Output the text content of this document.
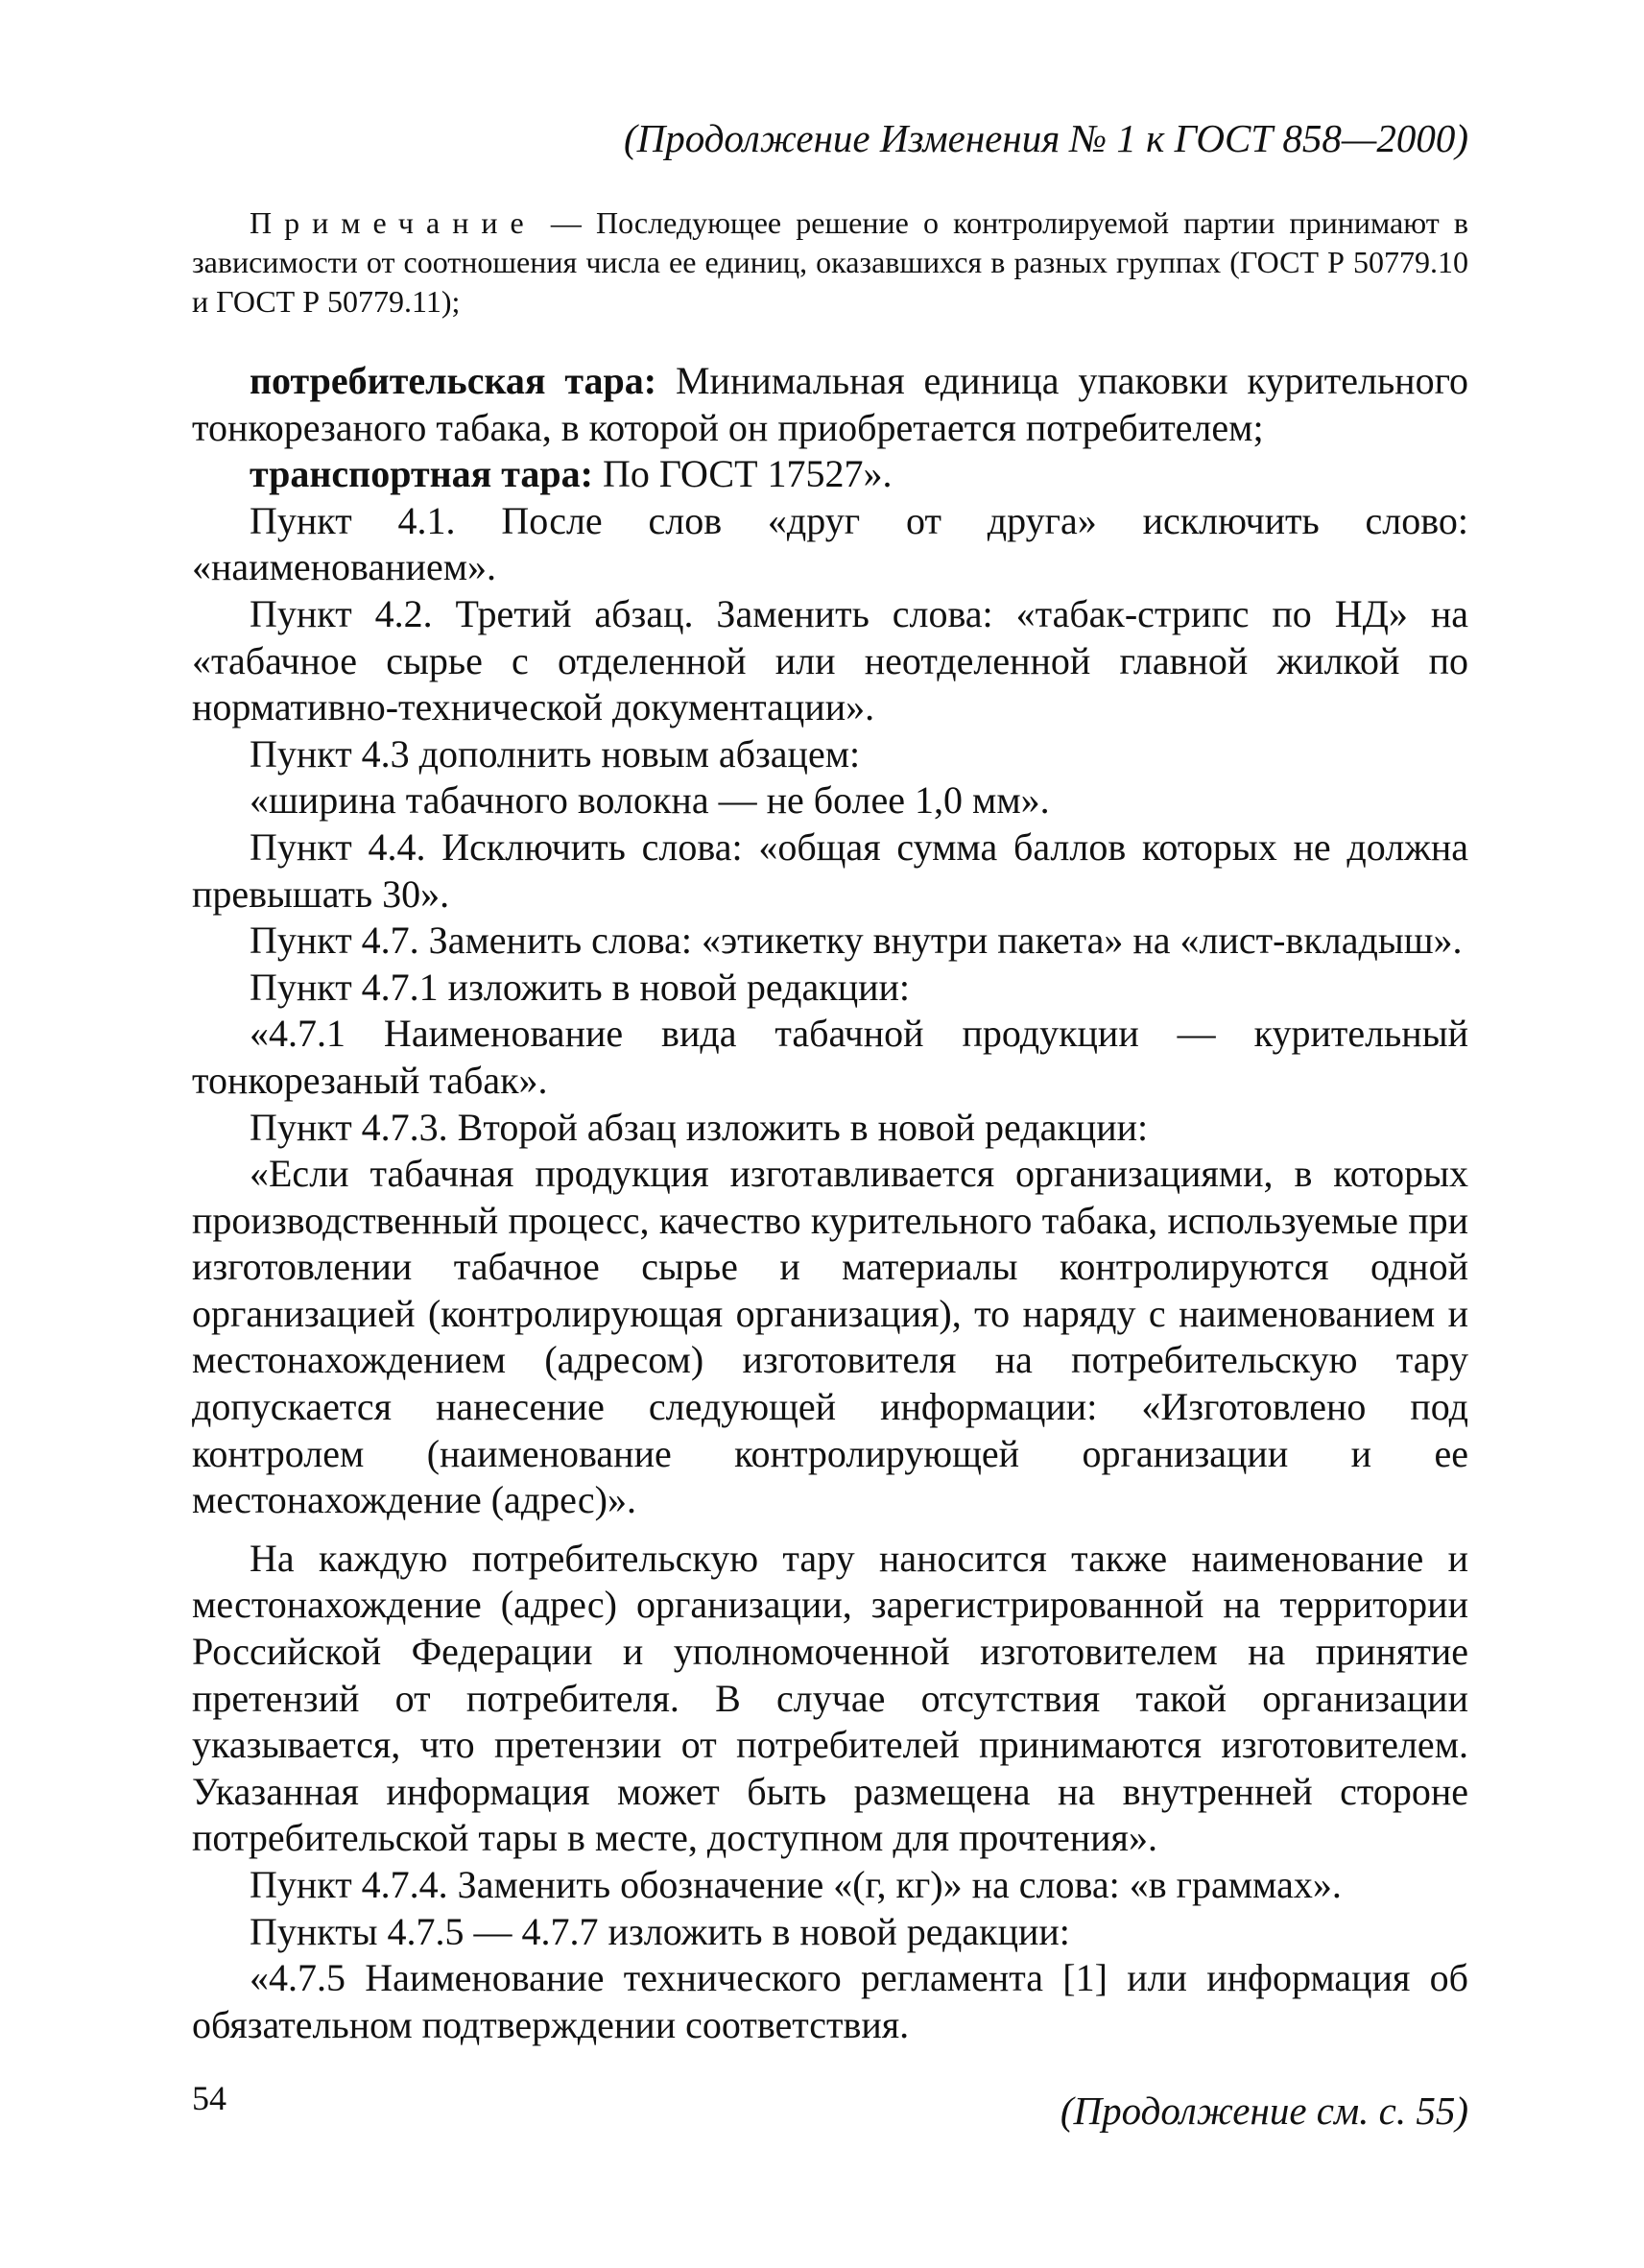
(Продолжение Изменения № 1 к ГОСТ 858—2000)
Примечание — Последующее решение о контролируемой партии принимают в зависимости от соотношения числа ее единиц, оказавшихся в разных группах (ГОСТ Р 50779.10 и ГОСТ Р 50779.11);

потребительская тара: Минимальная единица упаковки курительного тонкорезаного табака, в которой он приобретается потребителем;

транспортная тара: По ГОСТ 17527».

Пункт 4.1. После слов «друг от друга» исключить слово: «наименованием».

Пункт 4.2. Третий абзац. Заменить слова: «табак-стрипс по НД» на «табачное сырье с отделенной или неотделенной главной жилкой по нормативно-технической документации».

Пункт 4.3 дополнить новым абзацем:

«ширина табачного волокна — не более 1,0 мм».

Пункт 4.4. Исключить слова: «общая сумма баллов которых не должна превышать 30».

Пункт 4.7. Заменить слова: «этикетку внутри пакета» на «лист-вкладыш».

Пункт 4.7.1 изложить в новой редакции:

«4.7.1 Наименование вида табачной продукции — курительный тонкорезаный табак».

Пункт 4.7.3. Второй абзац изложить в новой редакции:

«Если табачная продукция изготавливается организациями, в которых производственный процесс, качество курительного табака, используемые при изготовлении табачное сырье и материалы контролируются одной организацией (контролирующая организация), то наряду с наименованием и местонахождением (адресом) изготовителя на потребительскую тару допускается нанесение следующей информации: «Изготовлено под контролем (наименование контролирующей организации и ее местонахождение (адрес)».

На каждую потребительскую тару наносится также наименование и местонахождение (адрес) организации, зарегистрированной на территории Российской Федерации и уполномоченной изготовителем на принятие претензий от потребителя. В случае отсутствия такой организации указывается, что претензии от потребителей принимаются изготовителем. Указанная информация может быть размещена на внутренней стороне потребительской тары в месте, доступном для прочтения».

Пункт 4.7.4. Заменить обозначение «(г, кг)» на слова: «в граммах».

Пункты 4.7.5 — 4.7.7 изложить в новой редакции:

«4.7.5 Наименование технического регламента [1] или информация об обязательном подтверждении соответствия.

(Продолжение см. с. 55)
54
